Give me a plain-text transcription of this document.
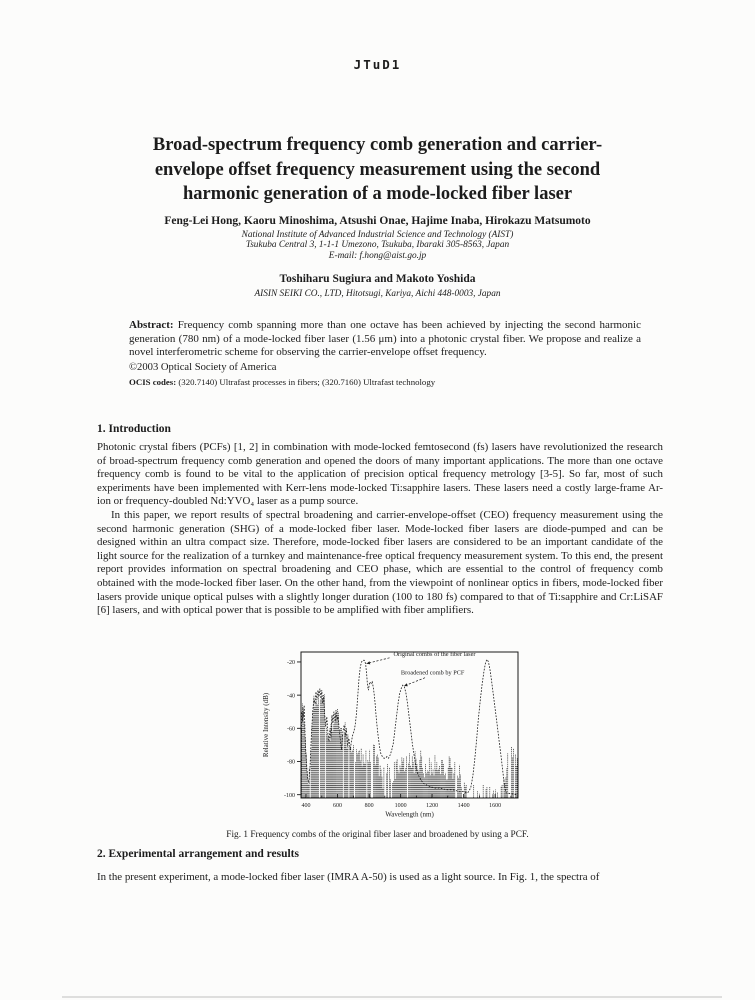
JTuD1
Broad-spectrum frequency comb generation and carrier-
envelope offset frequency measurement using the second
harmonic generation of a mode-locked fiber laser
Feng-Lei Hong, Kaoru Minoshima, Atsushi Onae, Hajime Inaba, Hirokazu Matsumoto
National Institute of Advanced Industrial Science and Technology (AIST)
Tsukuba Central 3, 1-1-1 Umezono, Tsukuba, Ibaraki 305-8563, Japan
E-mail: f.hong@aist.go.jp
Toshiharu Sugiura and Makoto Yoshida
AISIN SEIKI CO., LTD, Hitotsugi, Kariya, Aichi 448-0003, Japan

Abstract: Frequency comb spanning more than one octave has been achieved by injecting the second harmonic generation (780 nm) of a mode-locked fiber laser (1.56 μm) into a photonic crystal fiber. We propose and realize a novel interferometric scheme for observing the carrier-envelope offset frequency.

©2003 Optical Society of America
OCIS codes: (320.7140) Ultrafast processes in fibers; (320.7160) Ultrafast technology
1. Introduction

Photonic crystal fibers (PCFs) [1, 2] in combination with mode-locked femtosecond (fs) lasers have revolutionized the research of broad-spectrum frequency comb generation and opened the doors of many important applications. The more than one octave frequency comb is found to be vital to the application of precision optical frequency metrology [3-5]. So far, most of such experiments have been implemented with Kerr-lens mode-locked Ti:sapphire lasers. These lasers need a costly large-frame Ar-ion or frequency-doubled Nd:YVO₄ laser as a pump source.

In this paper, we report results of spectral broadening and carrier-envelope-offset (CEO) frequency measurement using the second harmonic generation (SHG) of a mode-locked fiber laser. Mode-locked fiber lasers are diode-pumped and can be designed within an ultra compact size. Therefore, mode-locked fiber lasers are considered to be an important candidate of the light source for the realization of a turnkey and maintenance-free optical frequency measurement system. To this end, the present report provides information on spectral broadening and CEO phase, which are essential to the control of frequency comb obtained with the mode-locked fiber laser. On the other hand, from the viewpoint of nonlinear optics in fibers, mode-locked fiber lasers provide unique optical pulses with a slightly longer duration (100 to 180 fs) compared to that of Ti:sapphire and Cr:LiSAF [6] lasers, and with optical power that is possible to be amplified with fiber amplifiers.

-20
-40
-60
-80
-100
400	600	800	1000	1200	1400	1600
Wavelength (nm)
Relative Intensity (dB)
Original combs of the fiber laser
Broadened comb by PCF
Fig. 1 Frequency combs of the original fiber laser and broadened by using a PCF.
2. Experimental arrangement and results

In the present experiment, a mode-locked fiber laser (IMRA A-50) is used as a light source. In Fig. 1, the spectra of
